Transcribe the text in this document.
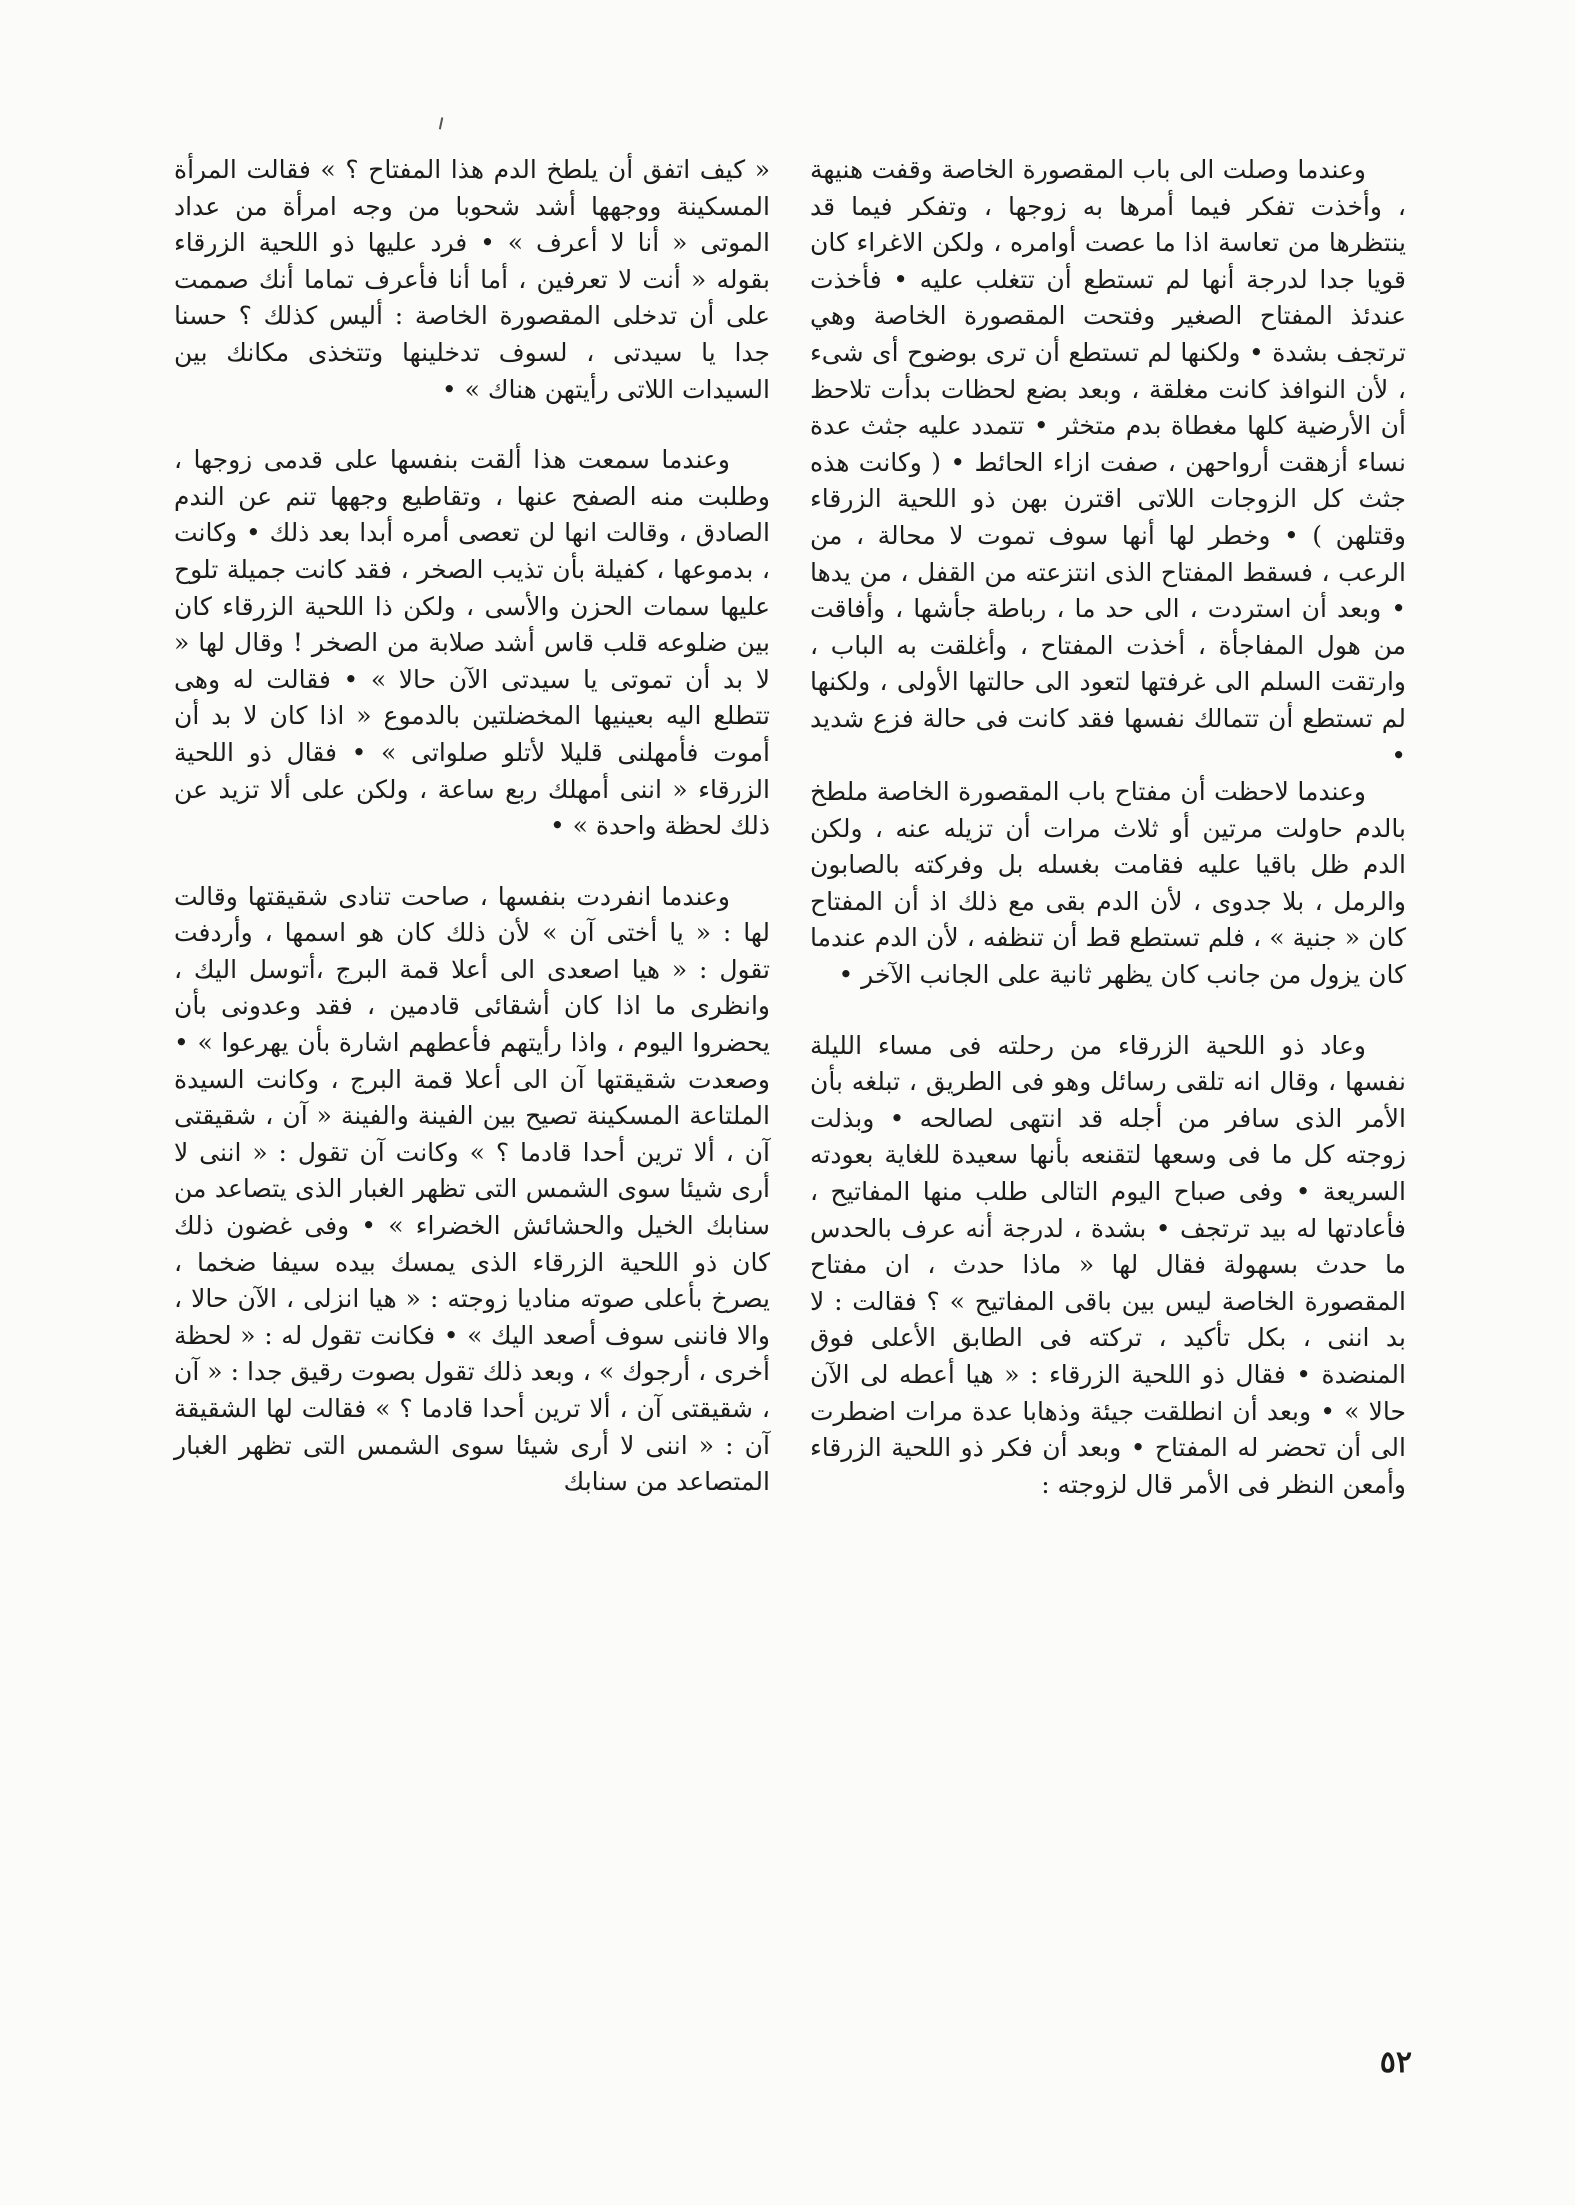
وعندما وصلت الى باب المقصورة الخاصة وقفت هنيهة ، وأخذت تفكر فيما أمرها به زوجها ، وتفكر فيما قد ينتظرها من تعاسة اذا ما عصت أوامره ، ولكن الاغراء كان قويا جدا لدرجة أنها لم تستطع أن تتغلب عليه • فأخذت عندئذ المفتاح الصغير وفتحت المقصورة الخاصة وهي ترتجف بشدة • ولكنها لم تستطع أن ترى بوضوح أى شىء ، لأن النوافذ كانت مغلقة ، وبعد بضع لحظات بدأت تلاحظ أن الأرضية كلها مغطاة بدم متخثر • تتمدد عليه جثث عدة نساء أزهقت أرواحهن ، صفت ازاء الحائط • ( وكانت هذه جثث كل الزوجات اللاتى اقترن بهن ذو اللحية الزرقاء وقتلهن ) • وخطر لها أنها سوف تموت لا محالة ، من الرعب ، فسقط المفتاح الذى انتزعته من القفل ، من يدها • وبعد أن استردت ، الى حد ما ، رباطة جأشها ، وأفاقت من هول المفاجأة ، أخذت المفتاح ، وأغلقت به الباب ، وارتقت السلم الى غرفتها لتعود الى حالتها الأولى ، ولكنها لم تستطع أن تتمالك نفسها فقد كانت فى حالة فزع شديد •

وعندما لاحظت أن مفتاح باب المقصورة الخاصة ملطخ بالدم حاولت مرتين أو ثلاث مرات أن تزيله عنه ، ولكن الدم ظل باقيا عليه فقامت بغسله بل وفركته بالصابون والرمل ، بلا جدوى ، لأن الدم بقى مع ذلك اذ أن المفتاح كان « جنية » ، فلم تستطع قط أن تنظفه ، لأن الدم عندما كان يزول من جانب كان يظهر ثانية على الجانب الآخر •

وعاد ذو اللحية الزرقاء من رحلته فى مساء الليلة نفسها ، وقال انه تلقى رسائل وهو فى الطريق ، تبلغه بأن الأمر الذى سافر من أجله قد انتهى لصالحه • وبذلت زوجته كل ما فى وسعها لتقنعه بأنها سعيدة للغاية بعودته السريعة • وفى صباح اليوم التالى طلب منها المفاتيح ، فأعادتها له بيد ترتجف • بشدة ، لدرجة أنه عرف بالحدس ما حدث بسهولة فقال لها « ماذا حدث ، ان مفتاح المقصورة الخاصة ليس بين باقى المفاتيح » ؟ فقالت : لا بد اننى ، بكل تأكيد ، تركته فى الطابق الأعلى فوق المنضدة • فقال ذو اللحية الزرقاء : « هيا أعطه لى الآن حالا » • وبعد أن انطلقت جيئة وذهابا عدة مرات اضطرت الى أن تحضر له المفتاح • وبعد أن فكر ذو اللحية الزرقاء وأمعن النظر فى الأمر قال لزوجته :

« كيف اتفق أن يلطخ الدم هذا المفتاح ؟ » فقالت المرأة المسكينة ووجهها أشد شحوبا من وجه امرأة من عداد الموتى « أنا لا أعرف » • فرد عليها ذو اللحية الزرقاء بقوله « أنت لا تعرفين ، أما أنا فأعرف تماما أنك صممت على أن تدخلى المقصورة الخاصة : أليس كذلك ؟ حسنا جدا يا سيدتى ، لسوف تدخلينها وتتخذى مكانك بين السيدات اللاتى رأيتهن هناك » •

وعندما سمعت هذا ألقت بنفسها على قدمى زوجها ، وطلبت منه الصفح عنها ، وتقاطيع وجهها تنم عن الندم الصادق ، وقالت انها لن تعصى أمره أبدا بعد ذلك • وكانت ، بدموعها ، كفيلة بأن تذيب الصخر ، فقد كانت جميلة تلوح عليها سمات الحزن والأسى ، ولكن ذا اللحية الزرقاء كان بين ضلوعه قلب قاس أشد صلابة من الصخر ! وقال لها « لا بد أن تموتى يا سيدتى الآن حالا » • فقالت له وهى تتطلع اليه بعينيها المخضلتين بالدموع « اذا كان لا بد أن أموت فأمهلنى قليلا لأتلو صلواتى » • فقال ذو اللحية الزرقاء « اننى أمهلك ربع ساعة ، ولكن على ألا تزيد عن ذلك لحظة واحدة » •

وعندما انفردت بنفسها ، صاحت تنادى شقيقتها وقالت لها : « يا أختى آن » لأن ذلك كان هو اسمها ، وأردفت تقول : « هيا اصعدى الى أعلا قمة البرج ،أتوسل اليك ، وانظرى ما اذا كان أشقائى قادمين ، فقد وعدونى بأن يحضروا اليوم ، واذا رأيتهم فأعطهم اشارة بأن يهرعوا » • وصعدت شقيقتها آن الى أعلا قمة البرج ، وكانت السيدة الملتاعة المسكينة تصيح بين الفينة والفينة « آن ، شقيقتى آن ، ألا ترين أحدا قادما ؟ » وكانت آن تقول : « اننى لا أرى شيئا سوى الشمس التى تظهر الغبار الذى يتصاعد من سنابك الخيل والحشائش الخضراء » • وفى غضون ذلك كان ذو اللحية الزرقاء الذى يمسك بيده سيفا ضخما ، يصرخ بأعلى صوته مناديا زوجته : « هيا انزلى ، الآن حالا ، والا فاننى سوف أصعد اليك » • فكانت تقول له : « لحظة أخرى ، أرجوك » ، وبعد ذلك تقول بصوت رقيق جدا : « آن ، شقيقتى آن ، ألا ترين أحدا قادما ؟ » فقالت لها الشقيقة آن : « اننى لا أرى شيئا سوى الشمس التى تظهر الغبار المتصاعد من سنابك

٥٢
